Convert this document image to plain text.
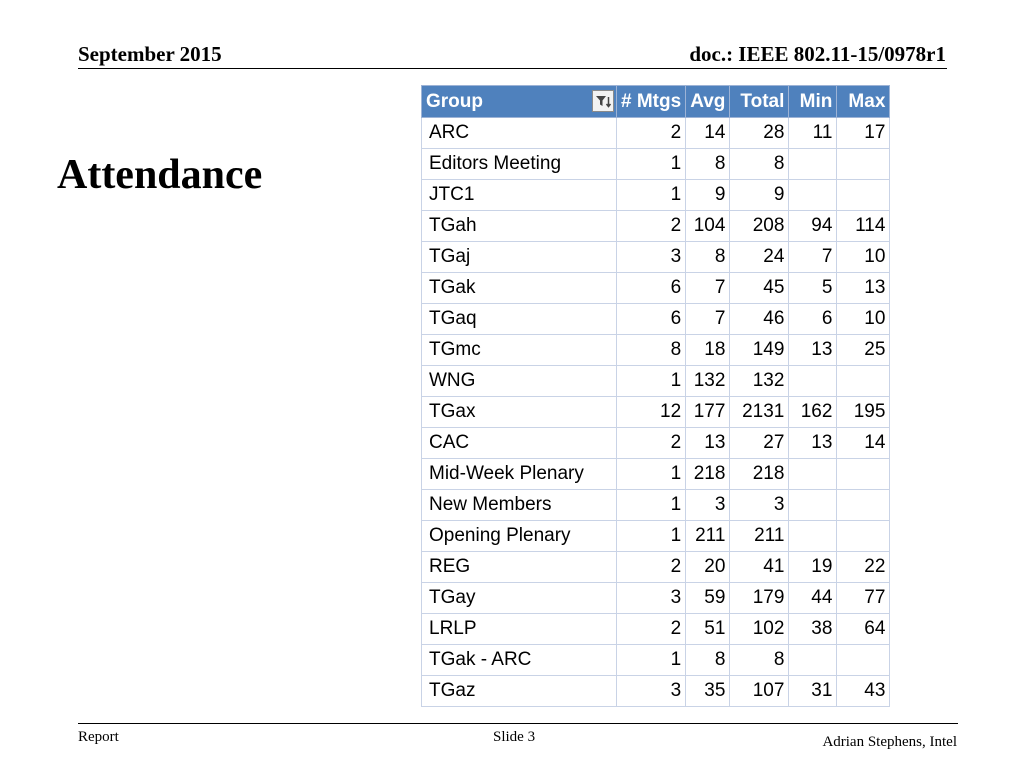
September 2015	doc.: IEEE 802.11-15/0978r1
Attendance
Group	# Mtgs	Avg	Total	Min	Max
ARC	2	14	28	11	17
Editors Meeting	1	8	8		
JTC1	1	9	9		
TGah	2	104	208	94	114
TGaj	3	8	24	7	10
TGak	6	7	45	5	13
TGaq	6	7	46	6	10
TGmc	8	18	149	13	25
WNG	1	132	132		
TGax	12	177	2131	162	195
CAC	2	13	27	13	14
Mid-Week Plenary	1	218	218		
New Members	1	3	3		
Opening Plenary	1	211	211		
REG	2	20	41	19	22
TGay	3	59	179	44	77
LRLP	2	51	102	38	64
TGak - ARC	1	8	8		
TGaz	3	35	107	31	43
Report	Slide 3	Adrian Stephens, Intel
